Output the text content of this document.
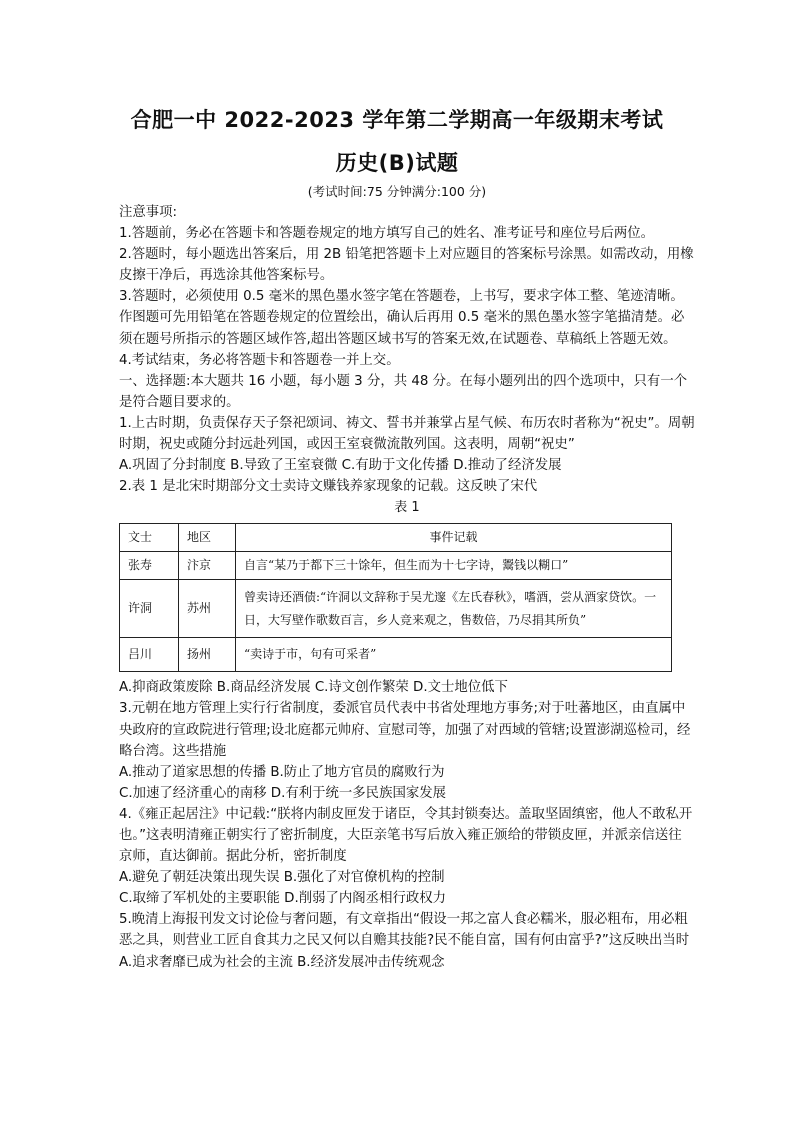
合肥一中 2022-2023 学年第二学期高一年级期末考试
历史(B)试题
(考试时间:75 分钟满分:100 分)

注意事项:

1.答题前，务必在答题卡和答题卷规定的地方填写自己的姓名、准考证号和座位号后两位。

2.答题时，每小题选出答案后，用 2B 铅笔把答题卡上对应题目的答案标号涂黑。如需改动，用橡皮擦干净后，再选涂其他答案标号。

3.答题时，必须使用 0.5 毫米的黑色墨水签字笔在答题卷，上书写，要求字体工整、笔迹清晰。作图题可先用铅笔在答题卷规定的位置绘出，确认后再用 0.5 毫米的黑色墨水签字笔描清楚。必须在题号所指示的答题区域作答,超出答题区域书写的答案无效,在试题卷、草稿纸上答题无效。

4.考试结束，务必将答题卡和答题卷一并上交。

一、选择题:本大题共 16 小题，每小题 3 分，共 48 分。在每小题列出的四个选项中，只有一个是符合题目要求的。

1.上古时期，负责保存天子祭祀颂词、祷文、誓书并兼掌占星气候、布历农时者称为“祝史”。周朝时期，祝史或随分封远赴列国，或因王室衰微流散列国。这表明，周朝“祝史”

A.巩固了分封制度 B.导致了王室衰微 C.有助于文化传播 D.推动了经济发展

2.表 1 是北宋时期部分文士卖诗文赚钱养家现象的记载。这反映了宋代

表 1

文士	地区	事件记载
张寿	汴京	自言“某乃于都下三十馀年，但生而为十七字诗，鬻钱以糊口”
许洞	苏州	曾卖诗还酒债:“许洞以文辞称于吴尤邃《左氏春秋》，嗜酒，尝从酒家贷饮。一日，大写壁作歌数百言，乡人竞来观之，售数倍，乃尽捐其所负”
吕川	扬州	“卖诗于市，句有可采者”

A.抑商政策废除 B.商品经济发展 C.诗文创作繁荣 D.文士地位低下

3.元朝在地方管理上实行行省制度，委派官员代表中书省处理地方事务;对于吐蕃地区，由直属中央政府的宣政院进行管理;设北庭都元帅府、宣慰司等，加强了对西域的管辖;设置澎湖巡检司，经略台湾。这些措施

A.推动了道家思想的传播 B.防止了地方官员的腐败行为

C.加速了经济重心的南移 D.有利于统一多民族国家发展

4.《雍正起居注》中记载:“朕将内制皮匣发于诸臣，令其封锁奏达。盖取坚固缜密，他人不敢私开也。”这表明清雍正朝实行了密折制度，大臣亲笔书写后放入雍正颁给的带锁皮匣，并派亲信送往京师，直达御前。据此分析，密折制度

A.避免了朝廷决策出现失误 B.强化了对官僚机构的控制

C.取缔了军机处的主要职能 D.削弱了内阁丞相行政权力

5.晚清上海报刊发文讨论俭与奢问题，有文章指出“假设一邦之富人食必糯米，服必粗布，用必粗恶之具，则营业工匠自食其力之民又何以自赡其技能?民不能自富，国有何由富乎?”这反映出当时

A.追求奢靡已成为社会的主流 B.经济发展冲击传统观念
